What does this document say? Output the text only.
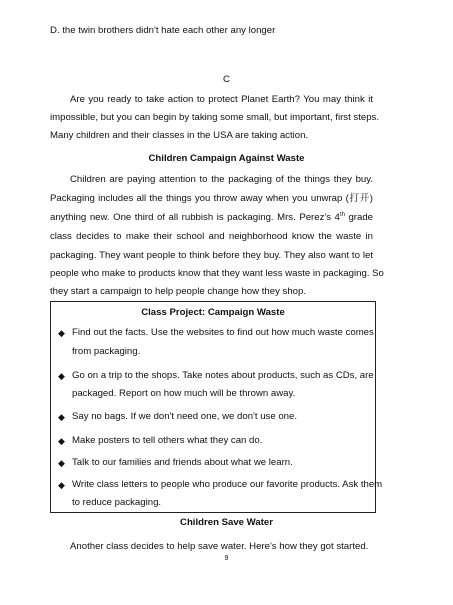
D. the twin brothers didn't hate each other any longer
C
Are you ready to take action to protect Planet Earth? You may think it
impossible, but you can begin by taking some small, but important, first steps.
Many children and their classes in the USA are taking action.
Children Campaign Against Waste
Children are paying attention to the packaging of the things they buy.
Packaging includes all the things you throw away when you unwrap (打开)
anything new. One third of all rubbish is packaging. Mrs. Perez's 4th grade
class decides to make their school and neighborhood know the waste in
packaging. They want people to think before they buy. They also want to let
people who make to products know that they want less waste in packaging. So
they start a campaign to help people change how they shop.
Class Project: Campaign Waste
◆ Find out the facts. Use the websites to find out how much waste comes
from packaging.
◆ Go on a trip to the shops. Take notes about products, such as CDs, are
packaged. Report on how much will be thrown away.
◆ Say no bags. If we don't need one, we don't use one.
◆ Make posters to tell others what they can do.
◆ Talk to our families and friends about what we learn.
◆ Write class letters to people who produce our favorite products. Ask them
to reduce packaging.
Children Save Water
Another class decides to help save water. Here's how they got started.
9
